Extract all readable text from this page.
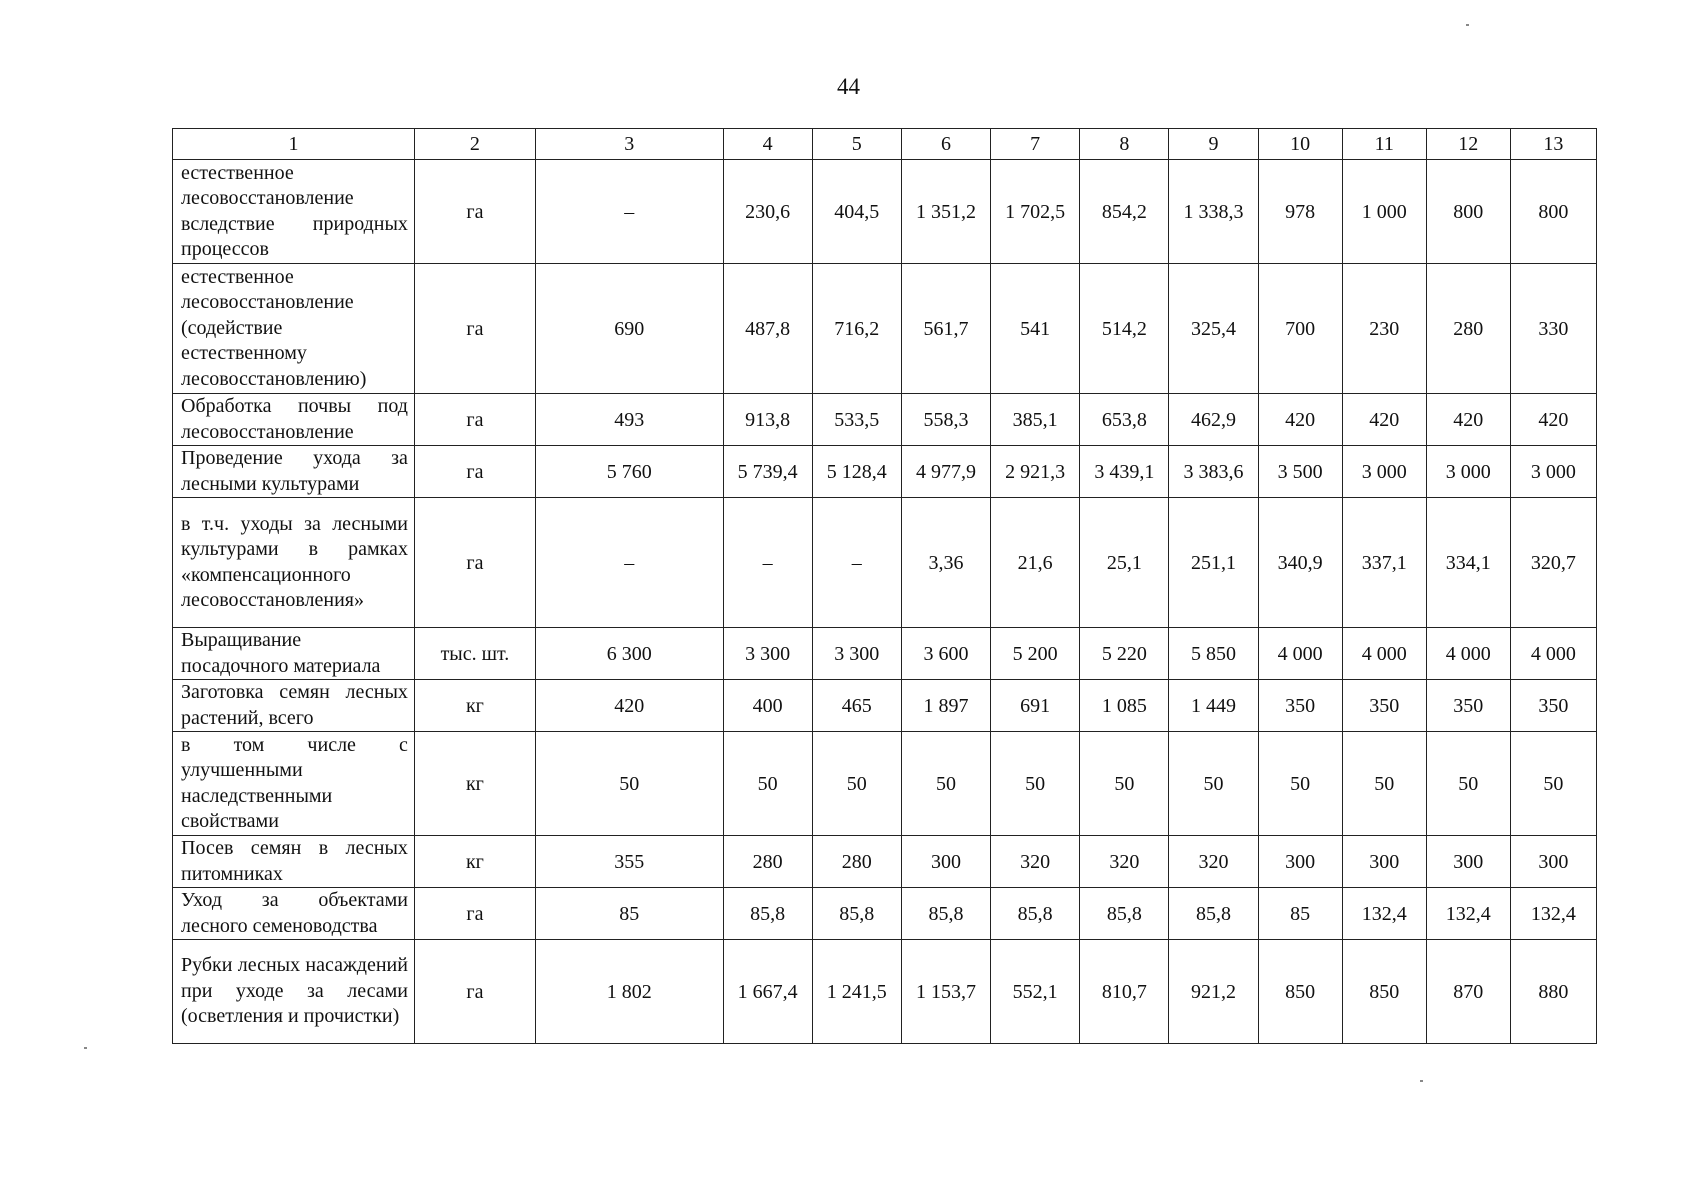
44
1	2	3	4	5	6	7	8	9	10	11	12	13
естественное лесовосстановление вследствие природных процессов	га	–	230,6	404,5	1 351,2	1 702,5	854,2	1 338,3	978	1 000	800	800
естественное лесовосстановление (содействие естественному лесовосстановлению)	га	690	487,8	716,2	561,7	541	514,2	325,4	700	230	280	330
Обработка почвы под лесовосстановление	га	493	913,8	533,5	558,3	385,1	653,8	462,9	420	420	420	420
Проведение ухода за лесными культурами	га	5 760	5 739,4	5 128,4	4 977,9	2 921,3	3 439,1	3 383,6	3 500	3 000	3 000	3 000
в т.ч. уходы за лесными культурами в рамках «компенсационного лесовосстановления»	га	–	–	–	3,36	21,6	25,1	251,1	340,9	337,1	334,1	320,7
Выращивание посадочного материала	тыс. шт.	6 300	3 300	3 300	3 600	5 200	5 220	5 850	4 000	4 000	4 000	4 000
Заготовка семян лесных растений, всего	кг	420	400	465	1 897	691	1 085	1 449	350	350	350	350
в том числе с улучшенными наследственными свойствами	кг	50	50	50	50	50	50	50	50	50	50	50
Посев семян в лесных питомниках	кг	355	280	280	300	320	320	320	300	300	300	300
Уход за объектами лесного семеноводства	га	85	85,8	85,8	85,8	85,8	85,8	85,8	85	132,4	132,4	132,4
Рубки лесных насаждений при уходе за лесами (осветления и прочистки)	га	1 802	1 667,4	1 241,5	1 153,7	552,1	810,7	921,2	850	850	870	880
